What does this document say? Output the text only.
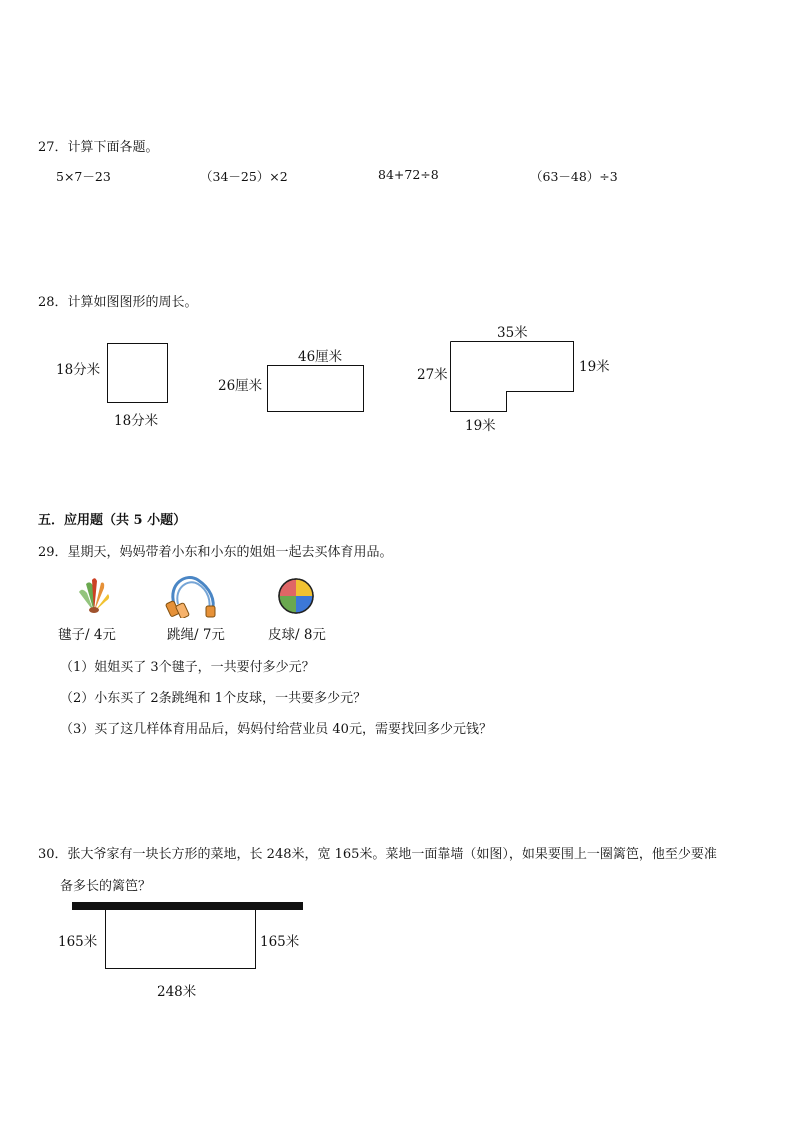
27．计算下面各题。
5×7－23	（34－25）×2	84+72÷8	（63－48）÷3
28．计算如图图形的周长。
18分米
18分米
46厘米
26厘米
35米
27米	19米
19米
五．应用题（共 5 小题）
29．星期天，妈妈带着小东和小东的姐姐一起去买体育用品。
毽子/ 4元	跳绳/ 7元	皮球/ 8元
（1）姐姐买了 3个毽子，一共要付多少元？
（2）小东买了 2条跳绳和 1个皮球，一共要多少元？
（3）买了这几样体育用品后，妈妈付给营业员 40元，需要找回多少元钱？
30．张大爷家有一块长方形的菜地，长 248米，宽 165米。菜地一面靠墙（如图），如果要围上一圈篱笆，他至少要准
备多长的篱笆？
165米	165米
248米
